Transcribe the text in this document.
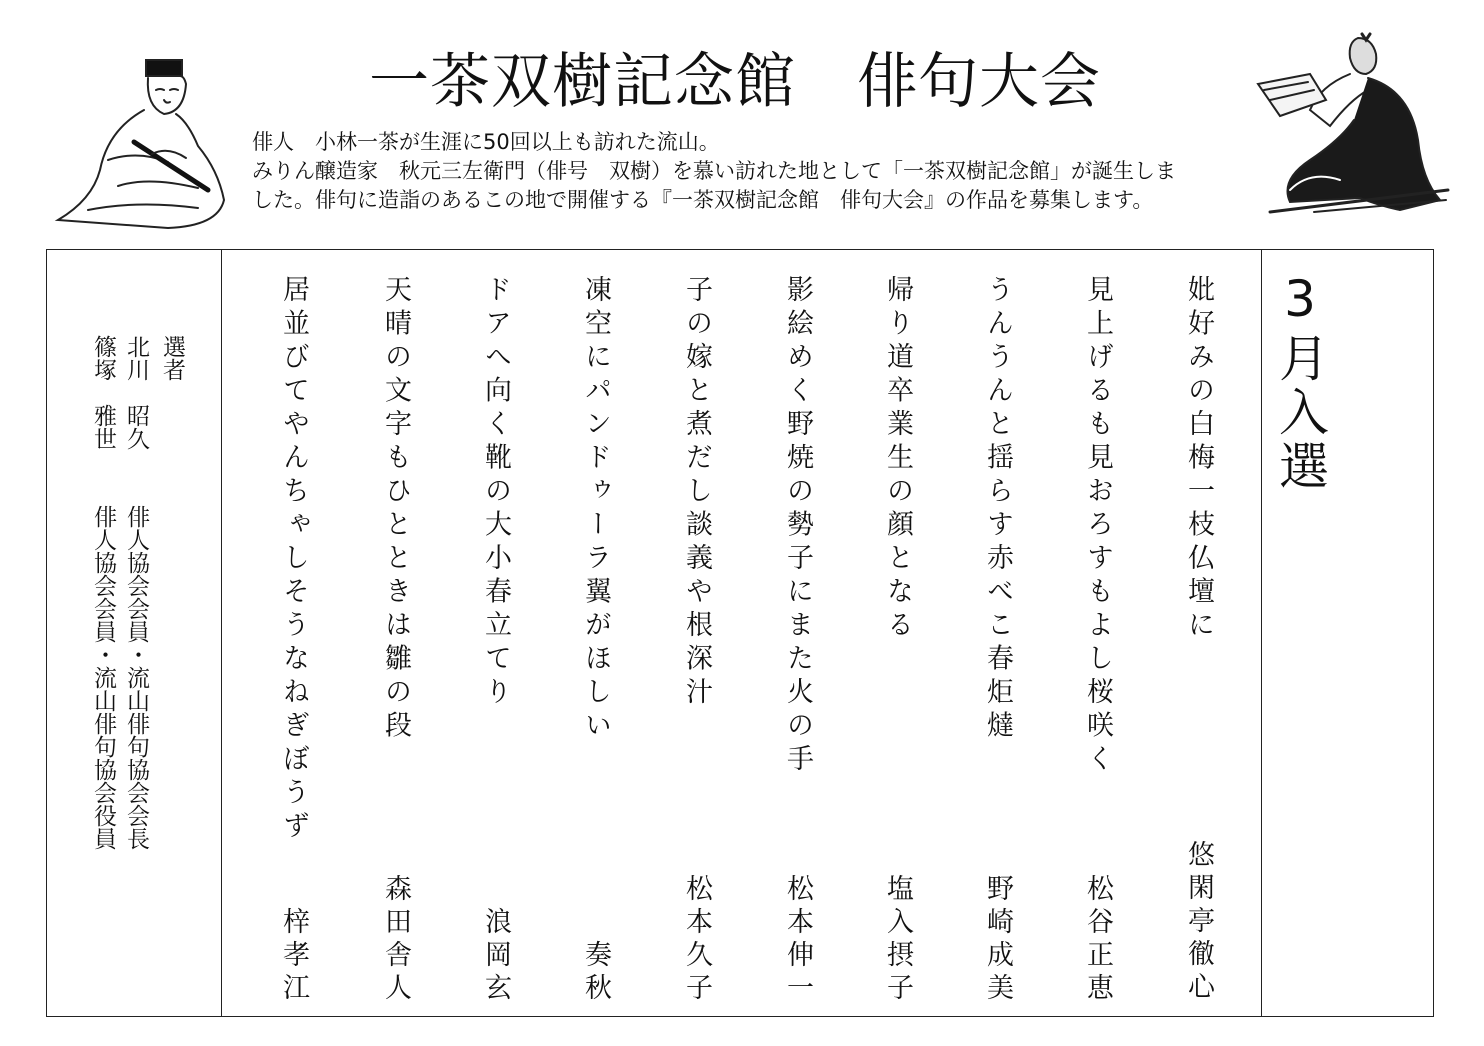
一茶双樹記念館　俳句大会
俳人　小林一茶が生涯に50回以上も訪れた流山。
みりん醸造家　秋元三左衛門（俳号　双樹）を慕い訪れた地として「一茶双樹記念館」が誕生しま
した。俳句に造詣のあるこの地で開催する『一茶双樹記念館　俳句大会』の作品を募集します。
3月入選
妣好みの白梅一枝仏壇に
悠閑亭徹心
見上げるも見おろすもよし桜咲く
松谷正恵
うんうんと揺らす赤べこ春炬燵
野崎成美
帰り道卒業生の顔となる
塩入摂子
影絵めく野焼の勢子にまた火の手
松本伸一
子の嫁と煮だし談義や根深汁
松本久子
凍空にパンドゥーラ翼がほしい
奏秋
ドアへ向く靴の大小春立てり
浪岡玄
天晴の文字もひとときは雛の段
森田舎人
居並びてやんちゃしそうなねぎぼうず
梓孝江
選者
北川　昭久
俳人協会会員・流山俳句協会会長
篠塚　雅世
俳人協会会員・流山俳句協会役員
